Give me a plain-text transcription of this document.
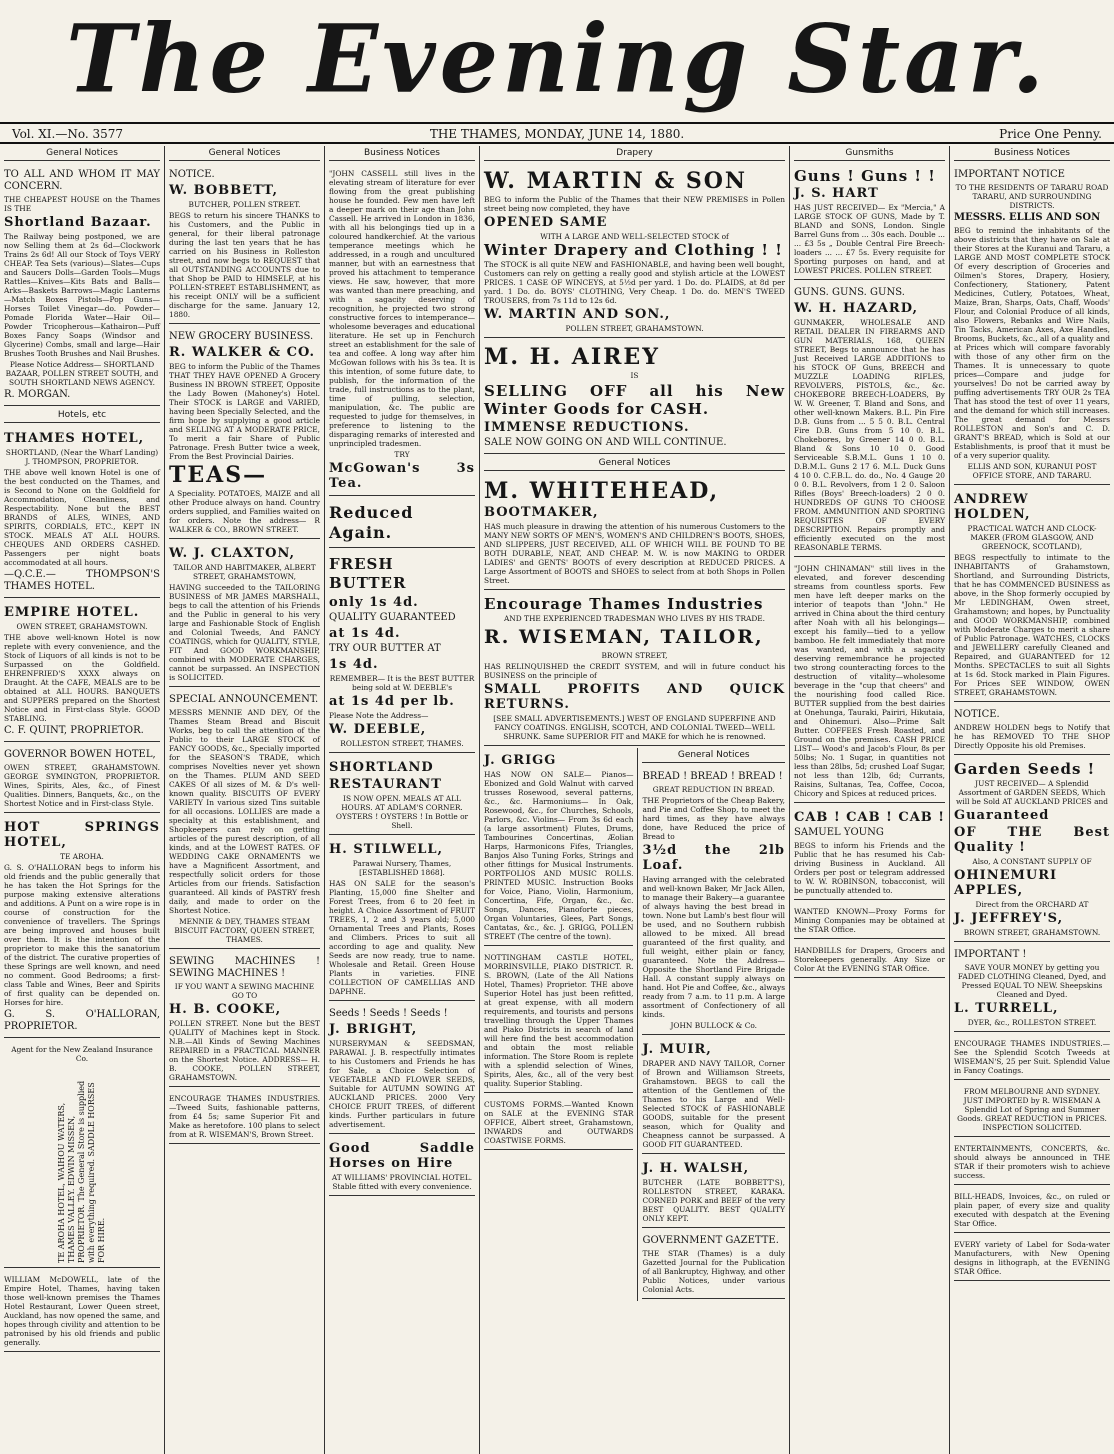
The Evening Star.
Vol. XI.—No. 3577	THE THAMES, MONDAY, JUNE 14, 1880.	Price One Penny.
General Notices

TO ALL AND WHOM IT MAY CONCERN.

THE CHEAPEST HOUSE on the Thames IS THE

Shortland Bazaar.

The Railway being postponed, we are now Selling them at 2s 6d—Clockwork Trains 2s 6d! All our Stock of Toys VERY CHEAP. Tea Sets (various)—Slates—Cups and Saucers Dolls—Garden Tools—Mugs Rattles—Knives—Kits Bats and Balls—Arks—Baskets Barrows—Magic Lanterns—Match Boxes Pistols—Pop Guns—Horses Toilet Vinegar—do. Powder—Pomade Florida Water—Hair Oil—Powder Tricopherous—Kathairon—Puff Boxes Fancy Soaps (Windsor and Glycerine) Combs, small and large—Hair Brushes Tooth Brushes and Nail Brushes.

Please Notice Address— SHORTLAND BAZAAR, POLLEN STREET SOUTH, and SOUTH SHORTLAND NEWS AGENCY.

R. MORGAN.

Hotels, etc

THAMES HOTEL,

SHORTLAND, (Near the Wharf Landing) J. THOMPSON, PROPRIETOR.

THE above well known Hotel is one of the best conducted on the Thames, and is Second to None on the Goldfield for Accommodation, Cleanliness, and Respectability. None but the BEST BRANDS of ALES, WINES, AND SPIRITS, CORDIALS, ETC., KEPT IN STOCK. MEALS AT ALL HOURS. CHEQUES AND ORDERS CASHED. Passengers per night boats accommodated at all hours.

—Q.C.E.— THOMPSON'S THAMES HOTEL.

EMPIRE HOTEL.

OWEN STREET, GRAHAMSTOWN.

THE above well-known Hotel is now replete with every convenience, and the Stock of Liquors of all kinds is not to be Surpassed on the Goldfield. EHRENFRIED'S XXXX always on Draught. At the CAFE, MEALS are to be obtained at ALL HOURS. BANQUETS and SUPPERS prepared on the Shortest Notice and in First-class Style. GOOD STABLING.

C. F. QUINT, PROPRIETOR.

GOVERNOR BOWEN HOTEL,

OWEN STREET, GRAHAMSTOWN. GEORGE SYMINGTON, PROPRIETOR. Wines, Spirits, Ales, &c., of Finest Qualities. Dinners, Banquets, &c., on the Shortest Notice and in First-class Style.

HOT SPRINGS HOTEL,

TE AROHA.

G. S. O'HALLORAN begs to inform his old friends and the public generally that he has taken the Hot Springs for the purpose making extensive alterations and additions. A Punt on a wire rope is in course of construction for the convenience of travellers. The Springs are being improved and houses built over them. It is the intention of the proprietor to make this the sanatorium of the district. The curative properties of these Springs are well known, and need no comment. Good Bedrooms; a first-class Table and Wines, Beer and Spirits of first quality can be depended on. Horses for hire.

G. S. O'HALLORAN, PROPRIETOR.

Agent for the New Zealand Insurance Co.

TE AROHA HOTEL, WAIHOU WATERS, THAMES VALLEY. EDWIN MISSEN, PROPRIETOR. The General Store is supplied with everything required. SADDLE HORSES FOR HIRE.

WILLIAM McDOWELL, late of the Empire Hotel, Thames, having taken those well-known premises the Thames Hotel Restaurant, Lower Queen street, Auckland, has now opened the same, and hopes through civility and attention to be patronised by his old friends and public generally.

General Notices

NOTICE.

W. BOBBETT,

BUTCHER, POLLEN STREET.

BEGS to return his sincere THANKS to his Customers, and the Public in general, for their liberal patronage during the last ten years that he has carried on his Business in Rolleston street, and now begs to REQUEST that all OUTSTANDING ACCOUNTS due to that Shop be PAID to HIMSELF, at his POLLEN-STREET ESTABLISHMENT, as his receipt ONLY will be a sufficient discharge for the same. January 12, 1880.

NEW GROCERY BUSINESS.

R. WALKER & CO.

BEG to inform the Public of the Thames THAT THEY HAVE OPENED A Grocery Business IN BROWN STREET, Opposite the Lady Bowen (Mahoney's) Hotel. Their STOCK is LARGE and VARIED, having been Specially Selected, and the firm hope by supplying a good article and SELLING AT A MODERATE PRICE, To merit a fair Share of Public Patronage. Fresh Butter twice a week, From the Best Provincial Dairies.

TEAS—

A Speciality. POTATOES, MAIZE and all other Produce always on hand. Country orders supplied, and Families waited on for orders. Note the address— R WALKER & CO., BROWN STREET.

W. J. CLAXTON,

TAILOR AND HABITMAKER, ALBERT STREET, GRAHAMSTOWN,

HAVING succeeded to the TAILORING BUSINESS of MR JAMES MARSHALL, begs to call the attention of his Friends and the Public in general to his very large and Fashionable Stock of English and Colonial Tweeds, And FANCY COATINGS, which for QUALITY, STYLE, FIT And GOOD WORKMANSHIP, combined with MODERATE CHARGES, cannot be surpassed. An INSPECTION is SOLICITED.

SPECIAL ANNOUNCEMENT.

MESSRS MENNIE AND DEY, Of the Thames Steam Bread and Biscuit Works, beg to call the attention of the Public to their LARGE STOCK of FANCY GOODS, &c., Specially imported for the SEASON'S TRADE, which comprises Novelties never yet shown on the Thames. PLUM AND SEED CAKES Of all sizes of M. & D's well-known quality. BISCUITS OF EVERY VARIETY In various sized Tins suitable for all occasions. LOLLIES are made a specialty at this establishment, and Shopkeepers can rely on getting articles of the purest description, of all kinds, and at the LOWEST RATES. OF WEDDING CAKE ORNAMENTS we have a Magnificent Assortment, and respectfully solicit orders for those Articles from our friends. Satisfaction guaranteed. All kinds of PASTRY fresh daily, and made to order on the Shortest Notice.

MENNIE & DEY, THAMES STEAM BISCUIT FACTORY, QUEEN STREET, THAMES.

SEWING MACHINES ! SEWING MACHINES !

IF YOU WANT A SEWING MACHINE GO TO

H. B. COOKE,

POLLEN STREET. None but the BEST QUALITY of Machines kept in Stock. N.B.—All Kinds of Sewing Machines REPAIRED in a PRACTICAL MANNER on the Shortest Notice. ADDRESS— H. B. COOKE, POLLEN STREET, GRAHAMSTOWN.

ENCOURAGE THAMES INDUSTRIES.—Tweed Suits, fashionable patterns, from £4 5s; same Superior Fit and Make as heretofore. 100 plans to select from at R. WISEMAN'S, Brown Street.

Business Notices

"JOHN CASSELL still lives in the elevating stream of literature for ever flowing from the great publishing house he founded. Few men have left a deeper mark on their age than John Cassell. He arrived in London in 1836, with all his belongings tied up in a coloured handkerchief. At the various temperance meetings which he addressed, in a rough and uncultured manner, but with an earnestness that proved his attachment to temperance views. He saw, however, that more was wanted than mere preaching, and with a sagacity deserving of recognition, he projected two strong constructive forces to intemperance—wholesome beverages and educational literature. He set up in Fenchurch street an establishment for the sale of tea and coffee. A long way after him McGowan follows with his 3s tea. It is this intention, of some future date, to publish, for the information of the trade, full instructions as to the plant, time of pulling, selection, manipulation, &c. The public are requested to judge for themselves, in preference to listening to the disparaging remarks of interested and unprincipled tradesmen.

TRY

McGowan's 3s Tea.

Reduced Again.

FRESH BUTTER

only 1s 4d.

QUALITY GUARANTEED

at 1s 4d.

TRY OUR BUTTER AT

1s 4d.

REMEMBER— It is the BEST BUTTER being sold at W. DEEBLE's

at 1s 4d per lb.

Please Note the Address—

W. DEEBLE,

ROLLESTON STREET, THAMES.

SHORTLAND

RESTAURANT

IS NOW OPEN. MEALS AT ALL HOURS. AT ADLAM'S CORNER. OYSTERS ! OYSTERS ! In Bottle or Shell.

H. STILWELL,

Parawai Nursery, Thames, [ESTABLISHED 1868].

HAS ON SALE for the season's Planting, 15,000 fine Shelter and Forest Trees, from 6 to 20 feet in height. A Choice Assortment of FRUIT TREES, 1, 2 and 3 years old; 5,000 Ornamental Trees and Plants, Roses and Climbers. Prices to suit all according to age and quality. New Seeds are now ready, true to name. Wholesale and Retail. Green House Plants in varieties. FINE COLLECTION OF CAMELLIAS AND DAPHNE.

Seeds ! Seeds ! Seeds !

J. BRIGHT,

NURSERYMAN & SEEDSMAN, PARAWAI. J. B. respectfully intimates to his Customers and Friends he has for Sale, a Choice Selection of VEGETABLE AND FLOWER SEEDS, Suitable for AUTUMN SOWING AT AUCKLAND PRICES. 2000 Very CHOICE FRUIT TREES, of different kinds. Further particulars in future advertisement.

Good Saddle Horses on Hire

AT WILLIAMS' PROVINCIAL HOTEL. Stable fitted with every convenience.

Drapery

W. MARTIN & SON

BEG to inform the Public of the Thames that their NEW PREMISES in Pollen street being now completed, they have

OPENED SAME

WITH A LARGE AND WELL-SELECTED STOCK of

Winter Drapery and Clothing ! !

The STOCK is all quite NEW and FASHIONABLE, and having been well bought, Customers can rely on getting a really good and stylish article at the LOWEST PRICES. 1 CASE OF WINCEYS, at 5½d per yard. 1 Do. do. PLAIDS, at 8d per yard. 1 Do. do. BOYS' CLOTHING, Very Cheap. 1 Do. do. MEN'S TWEED TROUSERS, from 7s 11d to 12s 6d.

W. MARTIN AND SON.,

POLLEN STREET, GRAHAMSTOWN.

M. H. AIREY

IS

SELLING OFF all his New Winter Goods for CASH.

IMMENSE REDUCTIONS.

SALE NOW GOING ON AND WILL CONTINUE.

General Notices

M. WHITEHEAD,

BOOTMAKER,

HAS much pleasure in drawing the attention of his numerous Customers to the MANY NEW SORTS OF MEN'S, WOMEN'S AND CHILDREN'S BOOTS, SHOES, AND SLIPPERS, JUST RECEIVED, ALL OF WHICH WILL BE FOUND TO BE BOTH DURABLE, NEAT, AND CHEAP. M. W. is now MAKING to ORDER LADIES' and GENTS' BOOTS of every description at REDUCED PRICES. A Large Assortment of BOOTS and SHOES to select from at both Shops in Pollen Street.

Encourage Thames Industries

AND THE EXPERIENCED TRADESMAN WHO LIVES BY HIS TRADE.

R. WISEMAN, TAILOR,

BROWN STREET,

HAS RELINQUISHED the CREDIT SYSTEM, and will in future conduct his BUSINESS on the principle of

SMALL PROFITS AND QUICK RETURNS.

[SEE SMALL ADVERTISEMENTS.] WEST OF ENGLAND SUPERFINE AND FANCY COATINGS. ENGLISH, SCOTCH, AND COLONIAL TWEED—WELL SHRUNK. Same SUPERIOR FIT and MAKE for which he is renowned.

J. GRIGG

HAS NOW ON SALE— Pianos— Ebonized and Gold Walnut with carved trusses Rosewood, several patterns, &c., &c. Harmoniums— In Oak, Rosewood, &c., for Churches, Schools, Parlors, &c. Violins— From 3s 6d each (a large assortment) Flutes, Drums, Tambourines Concertinas, Æolian Harps, Harmonicons Fifes, Triangles, Banjos Also Tuning Forks, Strings and other fittings for Musical Instruments. PORTFOLIOS AND MUSIC ROLLS. PRINTED MUSIC. Instruction Books for Voice, Piano, Violin, Harmonium, Concertina, Fife, Organ, &c., &c. Songs, Dances, Pianoforte pieces, Organ Voluntaries, Glees, Part Songs, Cantatas, &c., &c. J. GRIGG, POLLEN STREET (The centre of the town).

NOTTINGHAM CASTLE HOTEL, MORRINSVILLE, PIAKO DISTRICT. R. S. BROWN, (Late of the All Nations Hotel, Thames) Proprietor. THE above Superior Hotel has just been refitted, at great expense, with all modern requirements, and tourists and persons travelling through the Upper Thames and Piako Districts in search of land will here find the best accommodation and obtain the most reliable information. The Store Room is replete with a splendid selection of Wines, Spirits, Ales, &c., all of the very best quality. Superior Stabling.

CUSTOMS FORMS.—Wanted Known on SALE at the EVENING STAR OFFICE, Albert street, Grahamstown, INWARDS and OUTWARDS COASTWISE FORMS.

General Notices

BREAD ! BREAD ! BREAD !

GREAT REDUCTION IN BREAD.

THE Proprietors of the Cheap Bakery, and Pie and Coffee Shop, to meet the hard times, as they have always done, have Reduced the price of Bread to

3½d the 2lb Loaf.

Having arranged with the celebrated and well-known Baker, Mr Jack Allen, to manage their Bakery—a guarantee of always having the best bread in town. None but Lamb's best flour will be used, and no Southern rubbish allowed to be mixed. All bread guaranteed of the first quality, and full weight, either plain or fancy, guaranteed. Note the Address—Opposite the Shortland Fire Brigade Hall. A constant supply always on hand. Hot Pie and Coffee, &c., always ready from 7 a.m. to 11 p.m. A large assortment of Confectionery of all kinds.

JOHN BULLOCK & Co.

J. MUIR,

DRAPER AND NAVY TAILOR, Corner of Brown and Williamson Streets, Grahamstown. BEGS to call the attention of the Gentlemen of the Thames to his Large and Well-Selected STOCK of FASHIONABLE GOODS, suitable for the present season, which for Quality and Cheapness cannot be surpassed. A GOOD FIT GUARANTEED.

J. H. WALSH,

BUTCHER (LATE BOBBETT'S), ROLLESTON STREET, KARAKA. CORNED PORK and BEEF of the very BEST QUALITY. BEST QUALITY ONLY KEPT.

GOVERNMENT GAZETTE.

THE STAR (Thames) is a duly Gazetted Journal for the Publication of all Bankruptcy, Highway, and other Public Notices, under various Colonial Acts.

Gunsmiths

Guns ! Guns ! !

J. S. HART

HAS JUST RECEIVED— Ex "Mercia," A LARGE STOCK OF GUNS, Made by T. BLAND and SONS, London. Single Barrel Guns from ... 30s each. Double ... ... £3 5s „ Double Central Fire Breech-loaders ... ... £7 5s. Every requisite for Sporting purposes on hand, and at LOWEST PRICES. POLLEN STREET.

GUNS. GUNS. GUNS.

W. H. HAZARD,

GUNMAKER, WHOLESALE AND RETAIL DEALER IN FIREARMS AND GUN MATERIALS, 168, QUEEN STREET, Begs to announce that he has Just Received LARGE ADDITIONS to his STOCK OF Guns, BREECH and MUZZLE LOADING RIFLES, REVOLVERS, PISTOLS, &c., &c. CHOKEBORE BREECH-LOADERS, By W. W. Greener, T. Bland and Sons, and other well-known Makers. B.L. Pin Fire D.B. Guns from ... 5 5 0. B.L. Central Fire D.B. Guns from 5 10 0. B.L. Chokebores, by Greener 14 0 0. B.L. Bland & Sons 10 10 0. Good Serviceable S.B.M.L. Guns 1 10 0. D.B.M.L. Guns 2 17 6. M.L. Duck Guns 4 10 0. C.F.B.L. do. do., No. 4 Gauge 20 0 0. B.L. Revolvers, from 1 2 0. Saloon Rifles (Boys' Breech-loaders) 2 0 0. HUNDREDS OF GUNS TO CHOOSE FROM. AMMUNITION AND SPORTING REQUISITES OF EVERY DESCRIPTION. Repairs promptly and efficiently executed on the most REASONABLE TERMS.

"JOHN CHINAMAN" still lives in the elevated, and forever descending streams from countless sports. Few men have left deeper marks on the interior of teapots than "John." He arrived in China about the third century after Noah with all his belongings—except his family—tied to a yellow bamboo. He felt immediately that more was wanted, and with a sagacity deserving remembrance he projected two strong counteracting forces to the destruction of vitality—wholesome beverage in the "cup that cheers" and the nourishing food called Rice. BUTTER supplied from the best dairies at Onehunga, Tauraki, Pairiri, Hikutaia, and Ohinemuri. Also—Prime Salt Butter. COFFEES Fresh Roasted, and Ground on the premises. CASH PRICE LIST— Wood's and Jacob's Flour, 8s per 50lbs; No. 1 Sugar, in quantities not less than 28lbs, 5d; crushed Loaf Sugar, not less than 12lb, 6d; Currants, Raisins, Sultanas, Tea, Coffee, Cocoa, Chicory and Spices at reduced prices.

CAB ! CAB ! CAB !

SAMUEL YOUNG

BEGS to inform his Friends and the Public that he has resumed his Cab-driving Business in Auckland. All Orders per post or telegram addressed to W. W. ROBINSON, tobacconist, will be punctually attended to.

WANTED KNOWN—Proxy Forms for Mining Companies may be obtained at the STAR Office.

HANDBILLS for Drapers, Grocers and Storekeepers generally. Any Size or Color At the EVENING STAR Office.

Business Notices

IMPORTANT NOTICE

TO THE RESIDENTS OF TARARU ROAD TARARU, AND SURROUNDING DISTRICTS.

MESSRS. ELLIS AND SON

BEG to remind the inhabitants of the above districts that they have on Sale at their Stores at the Kuranui and Tararu, a LARGE AND MOST COMPLETE STOCK Of every description of Groceries and Oilmen's Stores, Drapery, Hosiery, Confectionery, Stationery, Patent Medicines, Cutlery, Potatoes, Wheat, Maize, Bran, Sharps, Oats, Chaff, Woods' Flour, and Colonial Produce of all kinds, also Flowers, Rebanks and Wire Nails, Tin Tacks, American Axes, Axe Handles, Brooms, Buckets, &c., all of a quality and at Prices which will compare favorably with those of any other firm on the Thames. It is unnecessary to quote prices—Compare and judge for yourselves! Do not be carried away by puffing advertisements TRY OUR 2s TEA That has stood the test of over 11 years, and the demand for which still increases. The great demand for Messrs ROLLESTON and Son's and C. D. GRANT'S BREAD, which is Sold at our Establishments, is proof that it must be of a very superior quality.

ELLIS AND SON, KURANUI POST OFFICE STORE, AND TARARU.

ANDREW HOLDEN,

PRACTICAL WATCH AND CLOCK-MAKER (FROM GLASGOW, AND GREENOCK, SCOTLAND),

BEGS respectfully to intimate to the INHABITANTS of Grahamstown, Shortland, and Surrounding Districts, that he has COMMENCED BUSINESS as above, in the Shop formerly occupied by Mr LEDINGHAM, Owen street, Grahamstown; and hopes, by Punctuality and GOOD WORKMANSHIP, combined with Moderate Charges to merit a share of Public Patronage. WATCHES, CLOCKS and JEWELLERY carefully Cleaned and Repaired, and GUARANTEED for 12 Months. SPECTACLES to suit all Sights at 1s 6d. Stock marked in Plain Figures. For Prices SEE WINDOW, OWEN STREET, GRAHAMSTOWN.

NOTICE.

ANDREW HOLDEN begs to Notify that he has REMOVED TO THE SHOP Directly Opposite his old Premises.

Garden Seeds !

JUST RECEIVED— A Splendid Assortment of GARDEN SEEDS, Which will be Sold AT AUCKLAND PRICES and

Guaranteed

OF THE Best Quality !

Also, A CONSTANT SUPPLY OF

OHINEMURI APPLES,

Direct from the ORCHARD AT

J. JEFFREY'S,

BROWN STREET, GRAHAMSTOWN.

IMPORTANT !

SAVE YOUR MONEY by getting you FADED CLOTHING Cleaned, Dyed, and Pressed EQUAL TO NEW. Sheepskins Cleaned and Dyed.

L. TURRELL,

DYER, &c., ROLLESTON STREET.

ENCOURAGE THAMES INDUSTRIES.—See the Splendid Scotch Tweeds at WISEMAN'S, 25 per Suit. Splendid Value in Fancy Coatings.

FROM MELBOURNE AND SYDNEY. JUST IMPORTED by R. WISEMAN A Splendid Lot of Spring and Summer Goods. GREAT REDUCTION in PRICES. INSPECTION SOLICITED.

ENTERTAINMENTS, CONCERTS, &c. should always be announced in THE STAR if their promoters wish to achieve success.

BILL-HEADS, Invoices, &c., on ruled or plain paper, of every size and quality executed with despatch at the Evening Star Office.

EVERY variety of Label for Soda-water Manufacturers, with New Opening designs in lithograph, at the EVENING STAR Office.
